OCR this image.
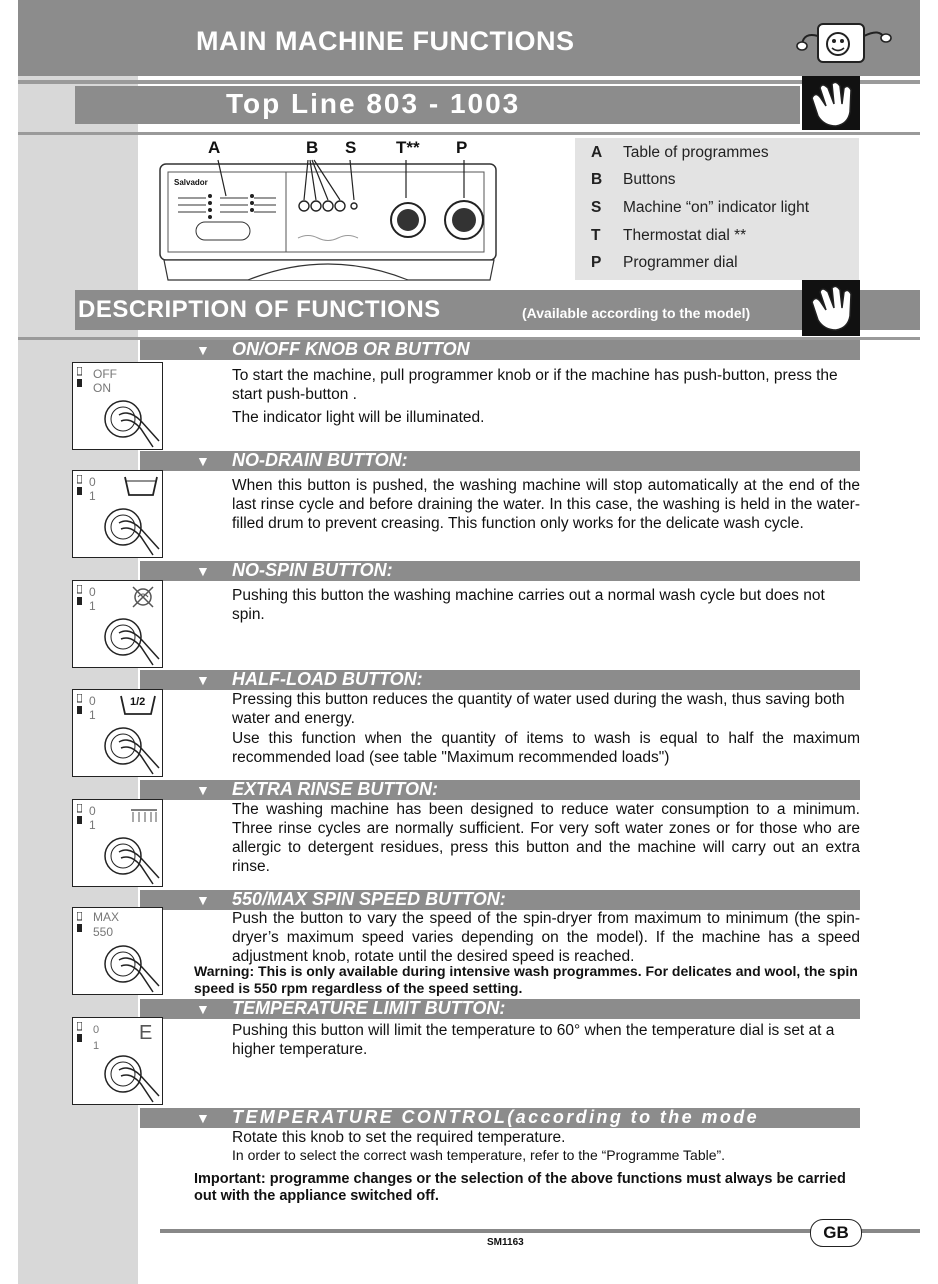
MAIN MACHINE FUNCTIONS
Top Line 803 - 1003
A	B S T** P
Salvador
A Table of programmes
B Buttons
S Machine “on” indicator light
T Thermostat dial **
P Programmer dial
DESCRIPTION OF FUNCTIONS	(Available according to the model)
▼ ON/OFF KNOB OR BUTTON
OFF
ON
To start the machine, pull programmer knob or if the machine has push-button, press the start push-button .
The indicator light will be illuminated.
▼ NO-DRAIN BUTTON:
0
1
When this button is pushed, the washing machine will stop automatically at the end of the last rinse cycle and before draining the water. In this case, the washing is held in the water-filled drum to prevent creasing. This function only works for the delicate wash cycle.
▼ NO-SPIN BUTTON:
0
1
Pushing this button the washing machine carries out a normal wash cycle but does not spin.
▼ HALF-LOAD BUTTON:
0
1
1/2	Pressing this button reduces the quantity of water used during the wash, thus saving both water and energy.
Use this function when the quantity of items to wash is equal to half the maximum recommended load (see table "Maximum recommended loads")
▼ EXTRA RINSE BUTTON:
0
1
The washing machine has been designed to reduce water consumption to a minimum. Three rinse cycles are normally sufficient. For very soft water zones or for those who are allergic to detergent residues, press this button and the machine will carry out an extra rinse.
▼ 550/MAX SPIN SPEED BUTTON:
MAX
550
Push the button to vary the speed of the spin-dryer from maximum to minimum (the spin-dryer’s maximum speed varies depending on the model). If the machine has a speed adjustment knob, rotate until the desired speed is reached.
Warning: This is only available during intensive wash programmes. For delicates and wool, the spin speed is 550 rpm regardless of the speed setting.
▼ TEMPERATURE LIMIT BUTTON:
0
1
E	Pushing this button will limit the temperature to 60° when the temperature dial is set at a higher temperature.
▼ TEMPERATURE CONTROL(according to the mode
Rotate this knob to set the required temperature.
In order to select the correct wash temperature, refer to the “Programme Table”.
Important: programme changes or the selection of the above functions must always be carried out with the appliance switched off.
GB
SM1163
